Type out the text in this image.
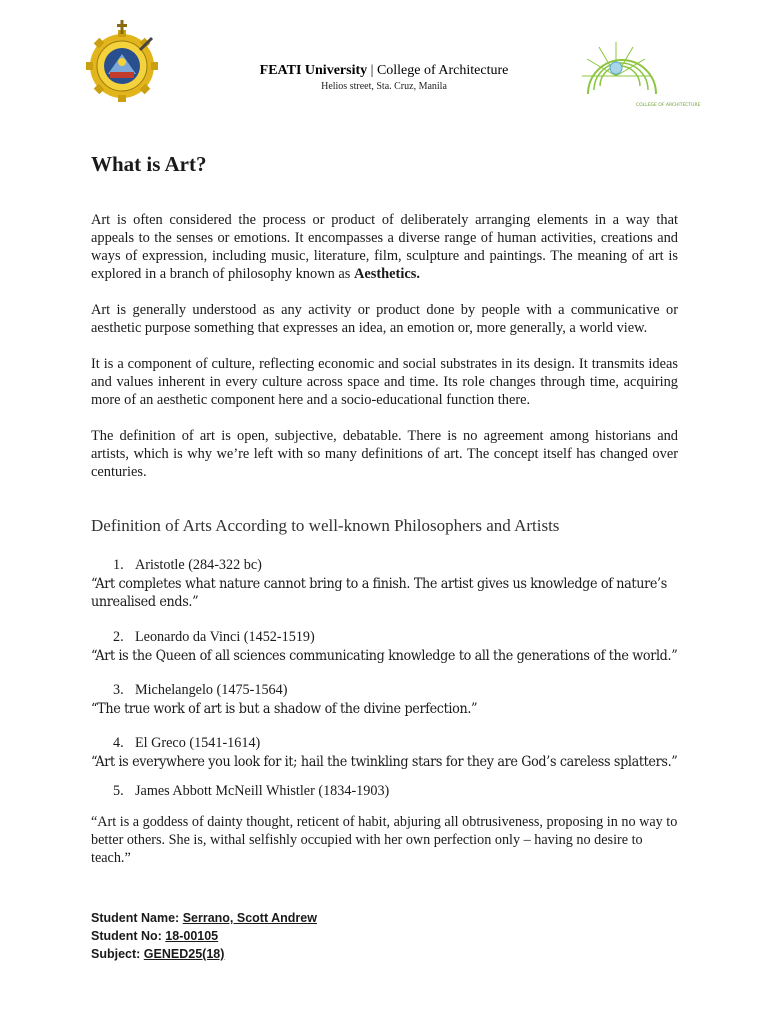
FEATI University | College of Architecture
Helios street, Sta. Cruz, Manila
COLLEGE OF ARCHITECTURE
What is Art?

Art is often considered the process or product of deliberately arranging elements in a way that appeals to the senses or emotions. It encompasses a diverse range of human activities, creations and ways of expression, including music, literature, film, sculpture and paintings. The meaning of art is explored in a branch of philosophy known as Aesthetics.

Art is generally understood as any activity or product done by people with a communicative or aesthetic purpose something that expresses an idea, an emotion or, more generally, a world view.

It is a component of culture, reflecting economic and social substrates in its design. It transmits ideas and values inherent in every culture across space and time. Its role changes through time, acquiring more of an aesthetic component here and a socio-educational function there.

The definition of art is open, subjective, debatable. There is no agreement among historians and artists, which is why we’re left with so many definitions of art. The concept itself has changed over centuries.

Definition of Arts According to well-known Philosophers and Artists
1. Aristotle (284-322 bc)

“Art completes what nature cannot bring to a finish. The artist gives us knowledge of nature’s unrealised ends.”

2. Leonardo da Vinci (1452-1519)

“Art is the Queen of all sciences communicating knowledge to all the generations of the world.”

3. Michelangelo (1475-1564)

“The true work of art is but a shadow of the divine perfection.”

4. El Greco (1541-1614)

“Art is everywhere you look for it; hail the twinkling stars for they are God’s careless splatters.”

5. James Abbott McNeill Whistler (1834-1903)

“Art is a goddess of dainty thought, reticent of habit, abjuring all obtrusiveness, proposing in no way to better others. She is, withal selfishly occupied with her own perfection only – having no desire to teach.”

Student Name: Serrano, Scott Andrew
Student No: 18-00105
Subject: GENED25(18)
